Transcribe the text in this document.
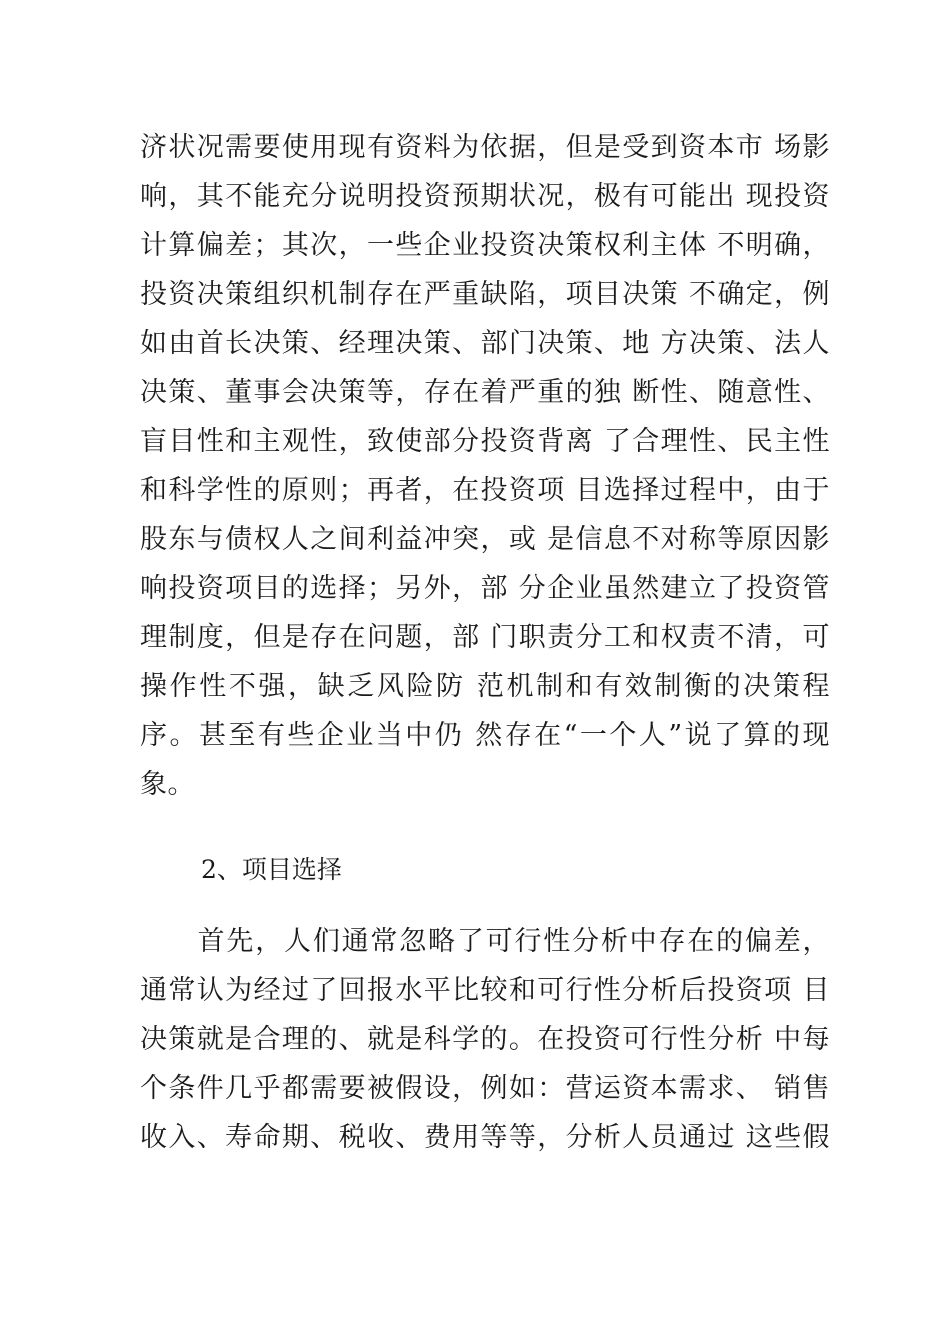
济状况需要使用现有资料为依据，但是受到资本市 场影
响，其不能充分说明投资预期状况，极有可能出 现投资
计算偏差；其次，一些企业投资决策权利主体 不明确，
投资决策组织机制存在严重缺陷，项目决策 不确定，例
如由首长决策、经理决策、部门决策、地 方决策、法人
决策、董事会决策等，存在着严重的独 断性、随意性、
盲目性和主观性，致使部分投资背离 了合理性、民主性
和科学性的原则；再者，在投资项 目选择过程中，由于
股东与债权人之间利益冲突，或 是信息不对称等原因影
响投资项目的选择；另外，部 分企业虽然建立了投资管
理制度，但是存在问题，部 门职责分工和权责不清，可
操作性不强，缺乏风险防 范机制和有效制衡的决策程
序。甚至有些企业当中仍 然存在“一个人”说了算的现
象。
2、项目选择
　　首先，人们通常忽略了可行性分析中存在的偏差，
通常认为经过了回报水平比较和可行性分析后投资项 目
决策就是合理的、就是科学的。在投资可行性分析 中每
个条件几乎都需要被假设，例如：营运资本需求、 销售
收入、寿命期、税收、费用等等，分析人员通过 这些假
